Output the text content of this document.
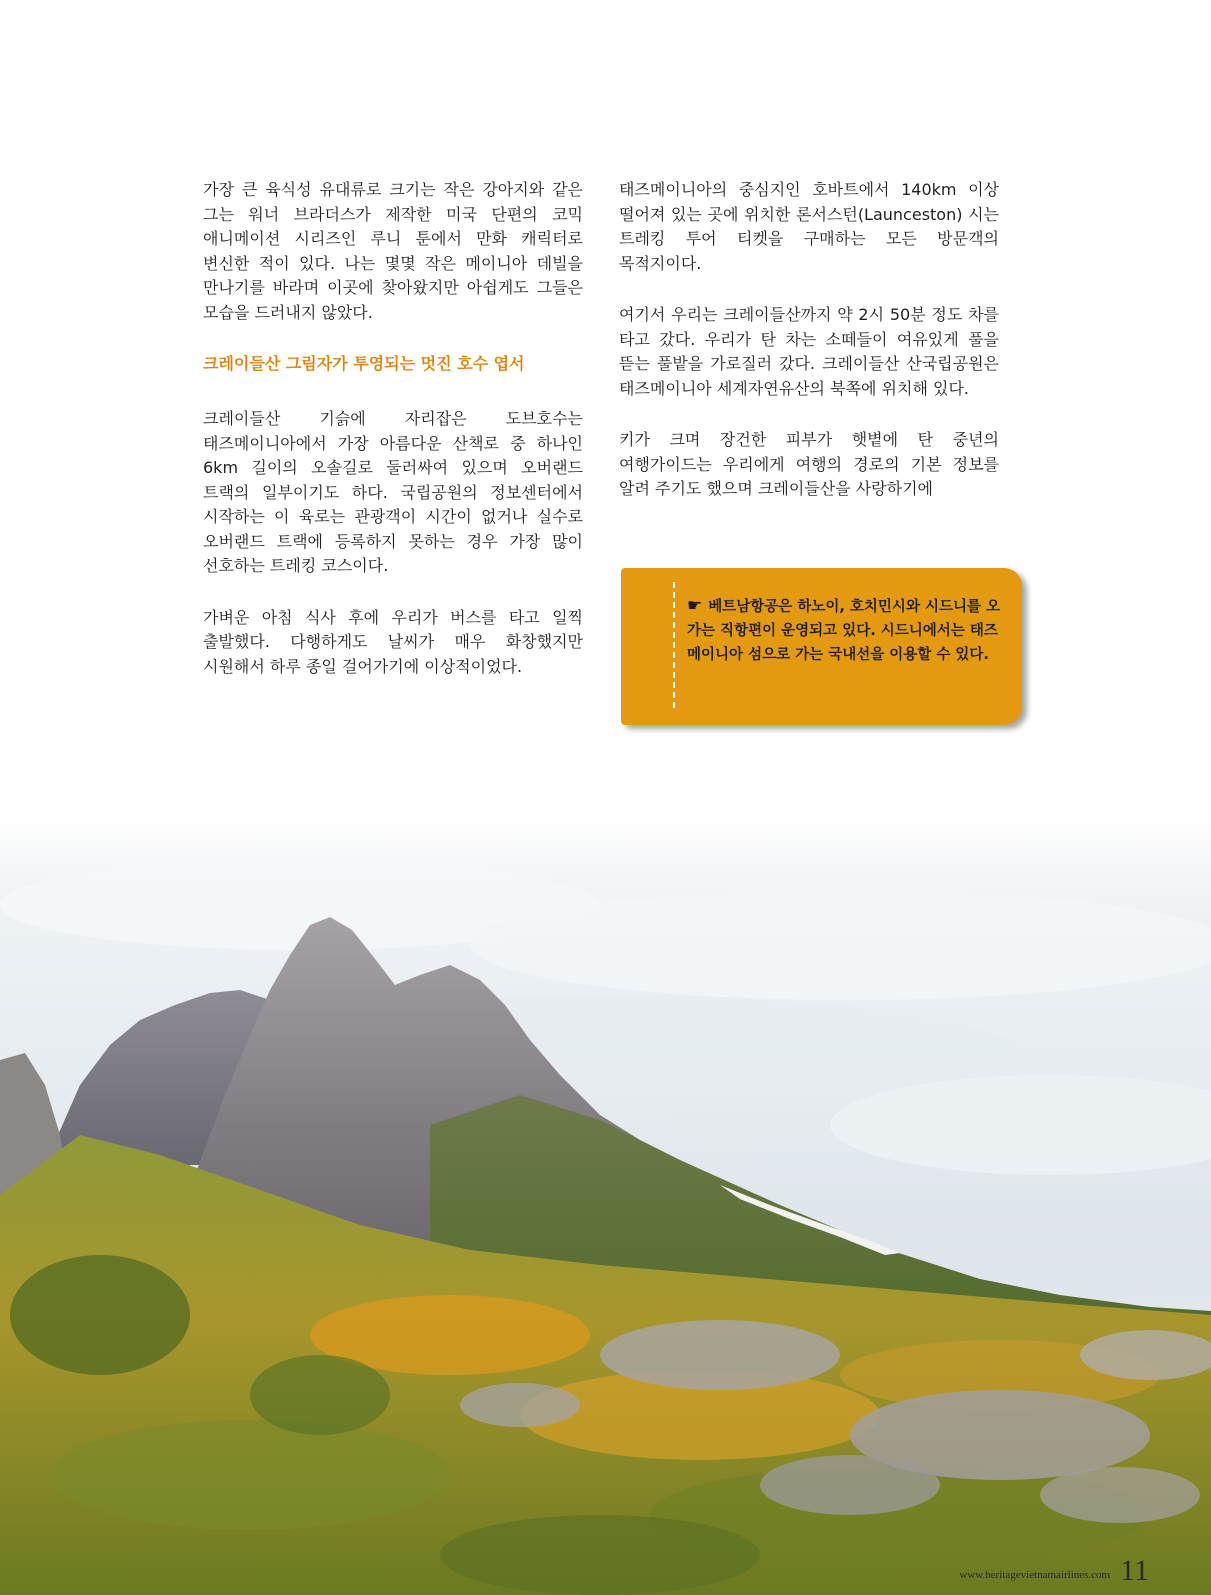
가장 큰 육식성 유대류로 크기는 작은 강아지와 같은 그는 워너 브라더스가 제작한 미국 단편의 코믹 애니메이션 시리즈인 루니 툰에서 만화 캐릭터로 변신한 적이 있다. 나는 몇몇 작은 메이니아 데빌을 만나기를 바라며 이곳에 찾아왔지만 아쉽게도 그들은 모습을 드러내지 않았다.

크레이들산 그림자가 투영되는 멋진 호수 엽서

크레이들산 기슭에 자리잡은 도브호수는 태즈메이니아에서 가장 아름다운 산책로 중 하나인 6km 길이의 오솔길로 둘러싸여 있으며 오버랜드 트랙의 일부이기도 하다. 국립공원의 정보센터에서 시작하는 이 육로는 관광객이 시간이 없거나 실수로 오버랜드 트랙에 등록하지 못하는 경우 가장 많이 선호하는 트레킹 코스이다.

가벼운 아침 식사 후에 우리가 버스를 타고 일찍 출발했다. 다행하게도 날씨가 매우 화창했지만 시원해서 하루 종일 걸어가기에 이상적이었다.

태즈메이니아의 중심지인 호바트에서 140km 이상 떨어져 있는 곳에 위치한 론서스턴(Launceston) 시는 트레킹 투어 티켓을 구매하는 모든 방문객의 목적지이다.

여기서 우리는 크레이들산까지 약 2시 50분 정도 차를 타고 갔다. 우리가 탄 차는 소떼들이 여유있게 풀을 뜯는 풀밭을 가로질러 갔다. 크레이들산 산국립공원은 태즈메이니아 세계자연유산의 북쪽에 위치해 있다.

키가 크며 장건한 피부가 햇볕에 탄 중년의 여행가이드는 우리에게 여행의 경로의 기본 정보를 알려 주기도 했으며 크레이들산을 사랑하기에

☛ 베트남항공은 하노이, 호치민시와 시드니를 오가는 직항편이 운영되고 있다. 시드니에서는 태즈메이니아 섬으로 가는 국내선을 이용할 수 있다.
www.heritagevietnamairlines.com 11
